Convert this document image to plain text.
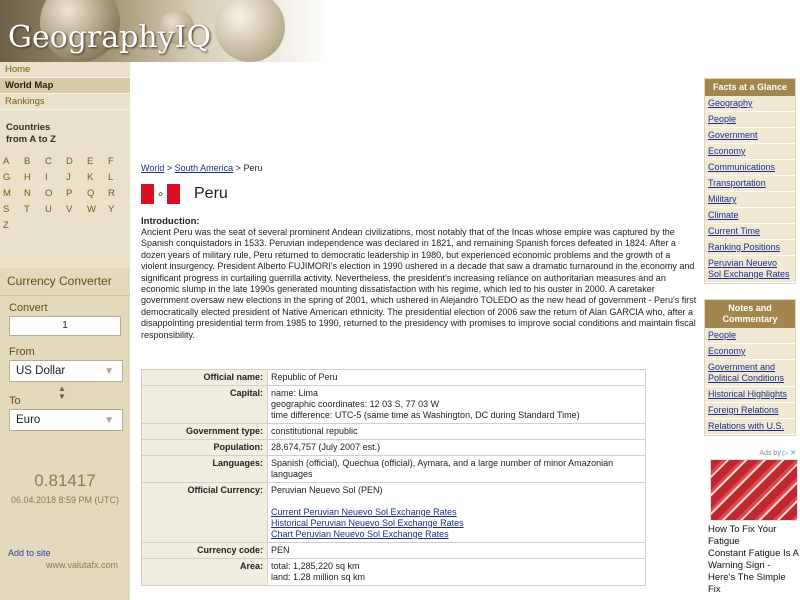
GeographyIQ
Home
World Map
Rankings
Countries
from A to Z
A	B	C	D	E	F
G	H	I	J	K	L
M	N	O	P	Q	R
S	T	U	V	W	Y
Z
Currency Converter
Convert
1
From
US Dollar	▼
▲
▼
To
Euro	▼
0.81417
06.04.2018 8:59 PM (UTC)
Add to site
www.valutafx.com
World > South America > Peru
✿ Peru
Introduction:
Ancient Peru was the seat of several prominent Andean civilizations, most notably that of the Incas whose empire was captured by the Spanish conquistadors in 1533. Peruvian independence was declared in 1821, and remaining Spanish forces defeated in 1824. After a dozen years of military rule, Peru returned to democratic leadership in 1980, but experienced economic problems and the growth of a violent insurgency. President Alberto FUJIMORI's election in 1990 ushered in a decade that saw a dramatic turnaround in the economy and significant progress in curtailing guerrilla activity. Nevertheless, the president's increasing reliance on authoritarian measures and an economic slump in the late 1990s generated mounting dissatisfaction with his regime, which led to his ouster in 2000. A caretaker government oversaw new elections in the spring of 2001, which ushered in Alejandro TOLEDO as the new head of government - Peru's first democratically elected president of Native American ethnicity. The presidential election of 2006 saw the return of Alan GARCIA who, after a disappointing presidential term from 1985 to 1990, returned to the presidency with promises to improve social conditions and maintain fiscal responsibility.
Official name:	Republic of Peru
Capital:	name: Lima
geographic coordinates: 12 03 S, 77 03 W
time difference: UTC-5 (same time as Washington, DC during Standard Time)

Government type:	constitutional republic
Population:	28,674,757 (July 2007 est.)
Languages:	Spanish (official), Quechua (official), Aymara, and a large number of minor Amazonian languages
Official Currency:	Peruvian Neuevo Sol (PEN)
Current Peruvian Neuevo Sol Exchange Rates
Historical Peruvian Neuevo Sol Exchange Rates
Chart Peruvian Neuevo Sol Exchange Rates

Currency code:	PEN
Area:	total: 1,285,220 sq km
land: 1.28 million sq km
Facts at a Glance
Geography
People
Government
Economy
Communications
Transportation
Military
Climate
Current Time
Ranking Positions
Peruvian Neuevo Sol Exchange Rates
Notes and Commentary
People
Economy
Government and Political Conditions
Historical Highlights
Foreign Relations
Relations with U.S.
Ads by ▷ ✕
How To Fix Your Fatigue
Constant Fatigue Is A Warning Sign - Here's The Simple Fix
